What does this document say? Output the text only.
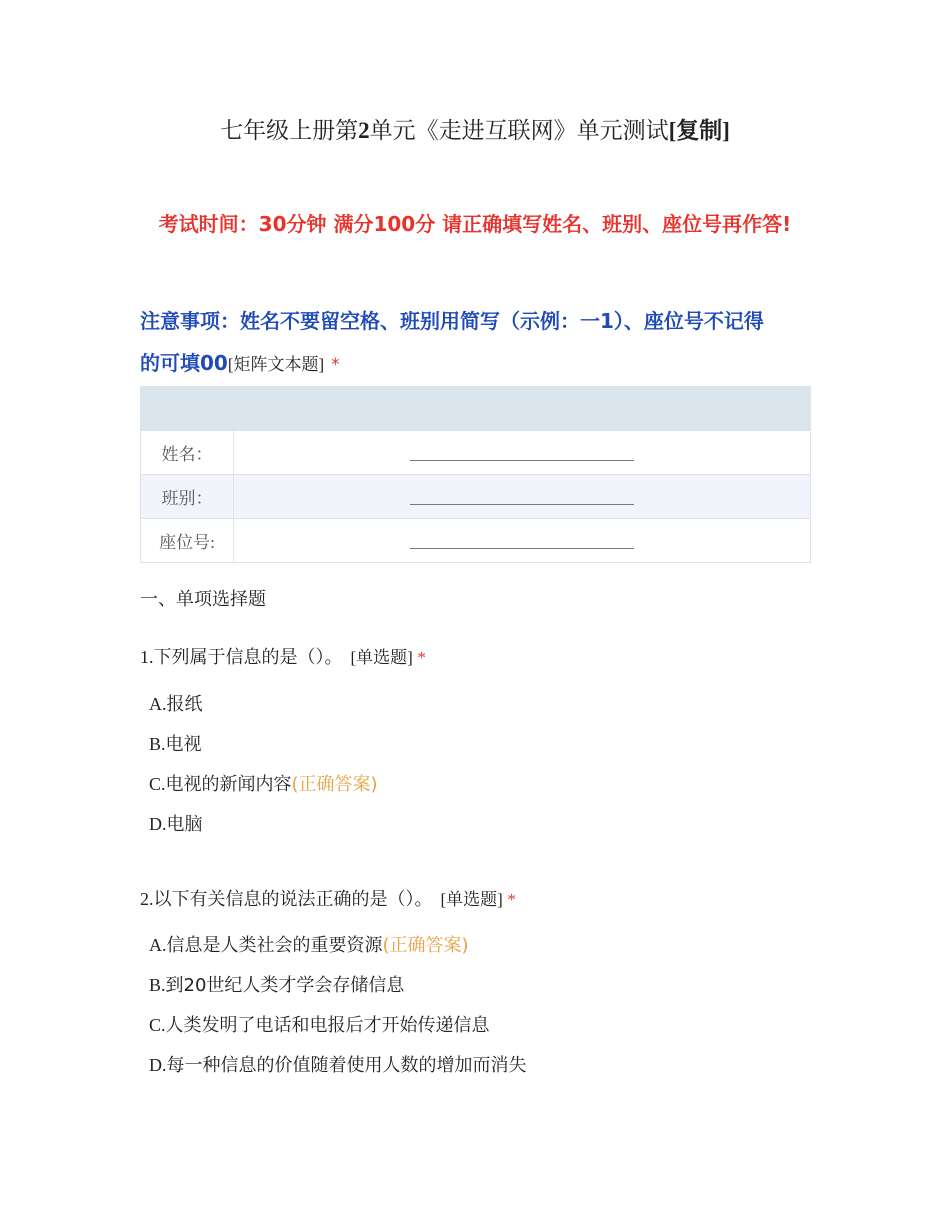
七年级上册第2单元《走进互联网》单元测试[复制]
考试时间：30分钟 满分100分 请正确填写姓名、班别、座位号再作答!
注意事项：姓名不要留空格、班别用简写（示例：一1）、座位号不记得
的可填00[矩阵文本题] *

姓名：	
班别：	
座位号:	
一、单项选择题
1.下列属于信息的是（）。 [单选题] *
A.报纸
B.电视
C.电视的新闻内容(正确答案)
D.电脑
2.以下有关信息的说法正确的是（）。 [单选题] *
A.信息是人类社会的重要资源(正确答案)
B.到20世纪人类才学会存储信息
C.人类发明了电话和电报后才开始传递信息
D.每一种信息的价值随着使用人数的增加而消失
